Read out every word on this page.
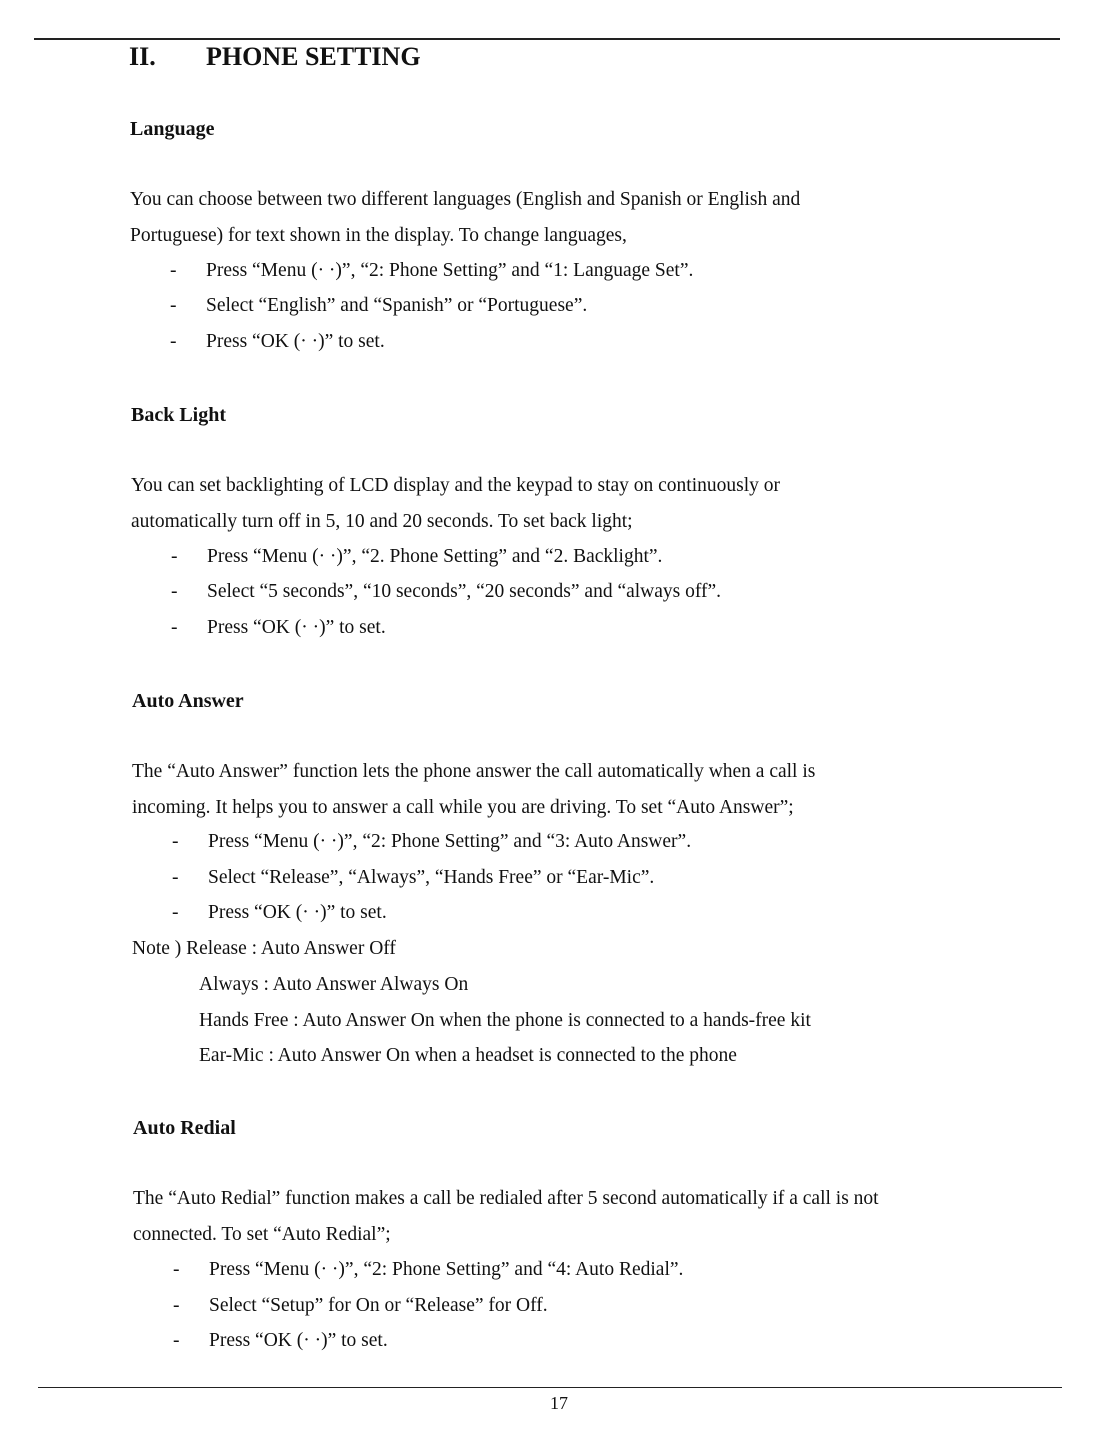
II. PHONE SETTING
Language
You can choose between two different languages (English and Spanish or English and
Portuguese) for text shown in the display. To change languages,
- Press “Menu (· ·)”, “2: Phone Setting” and “1: Language Set”.
- Select “English” and “Spanish” or “Portuguese”.
- Press “OK (· ·)” to set.
Back Light
You can set backlighting of LCD display and the keypad to stay on continuously or
automatically turn off in 5, 10 and 20 seconds. To set back light;
- Press “Menu (· ·)”, “2. Phone Setting” and “2. Backlight”.
- Select “5 seconds”, “10 seconds”, “20 seconds” and “always off”.
- Press “OK (· ·)” to set.
Auto Answer
The “Auto Answer” function lets the phone answer the call automatically when a call is
incoming. It helps you to answer a call while you are driving. To set “Auto Answer”;
- Press “Menu (· ·)”, “2: Phone Setting” and “3: Auto Answer”.
- Select “Release”, “Always”, “Hands Free” or “Ear-Mic”.
- Press “OK (· ·)” to set.
Note ) Release : Auto Answer Off
Always : Auto Answer Always On
Hands Free : Auto Answer On when the phone is connected to a hands-free kit
Ear-Mic : Auto Answer On when a headset is connected to the phone
Auto Redial
The “Auto Redial” function makes a call be redialed after 5 second automatically if a call is not
connected. To set “Auto Redial”;
- Press “Menu (· ·)”, “2: Phone Setting” and “4: Auto Redial”.
- Select “Setup” for On or “Release” for Off.
- Press “OK (· ·)” to set.
17
